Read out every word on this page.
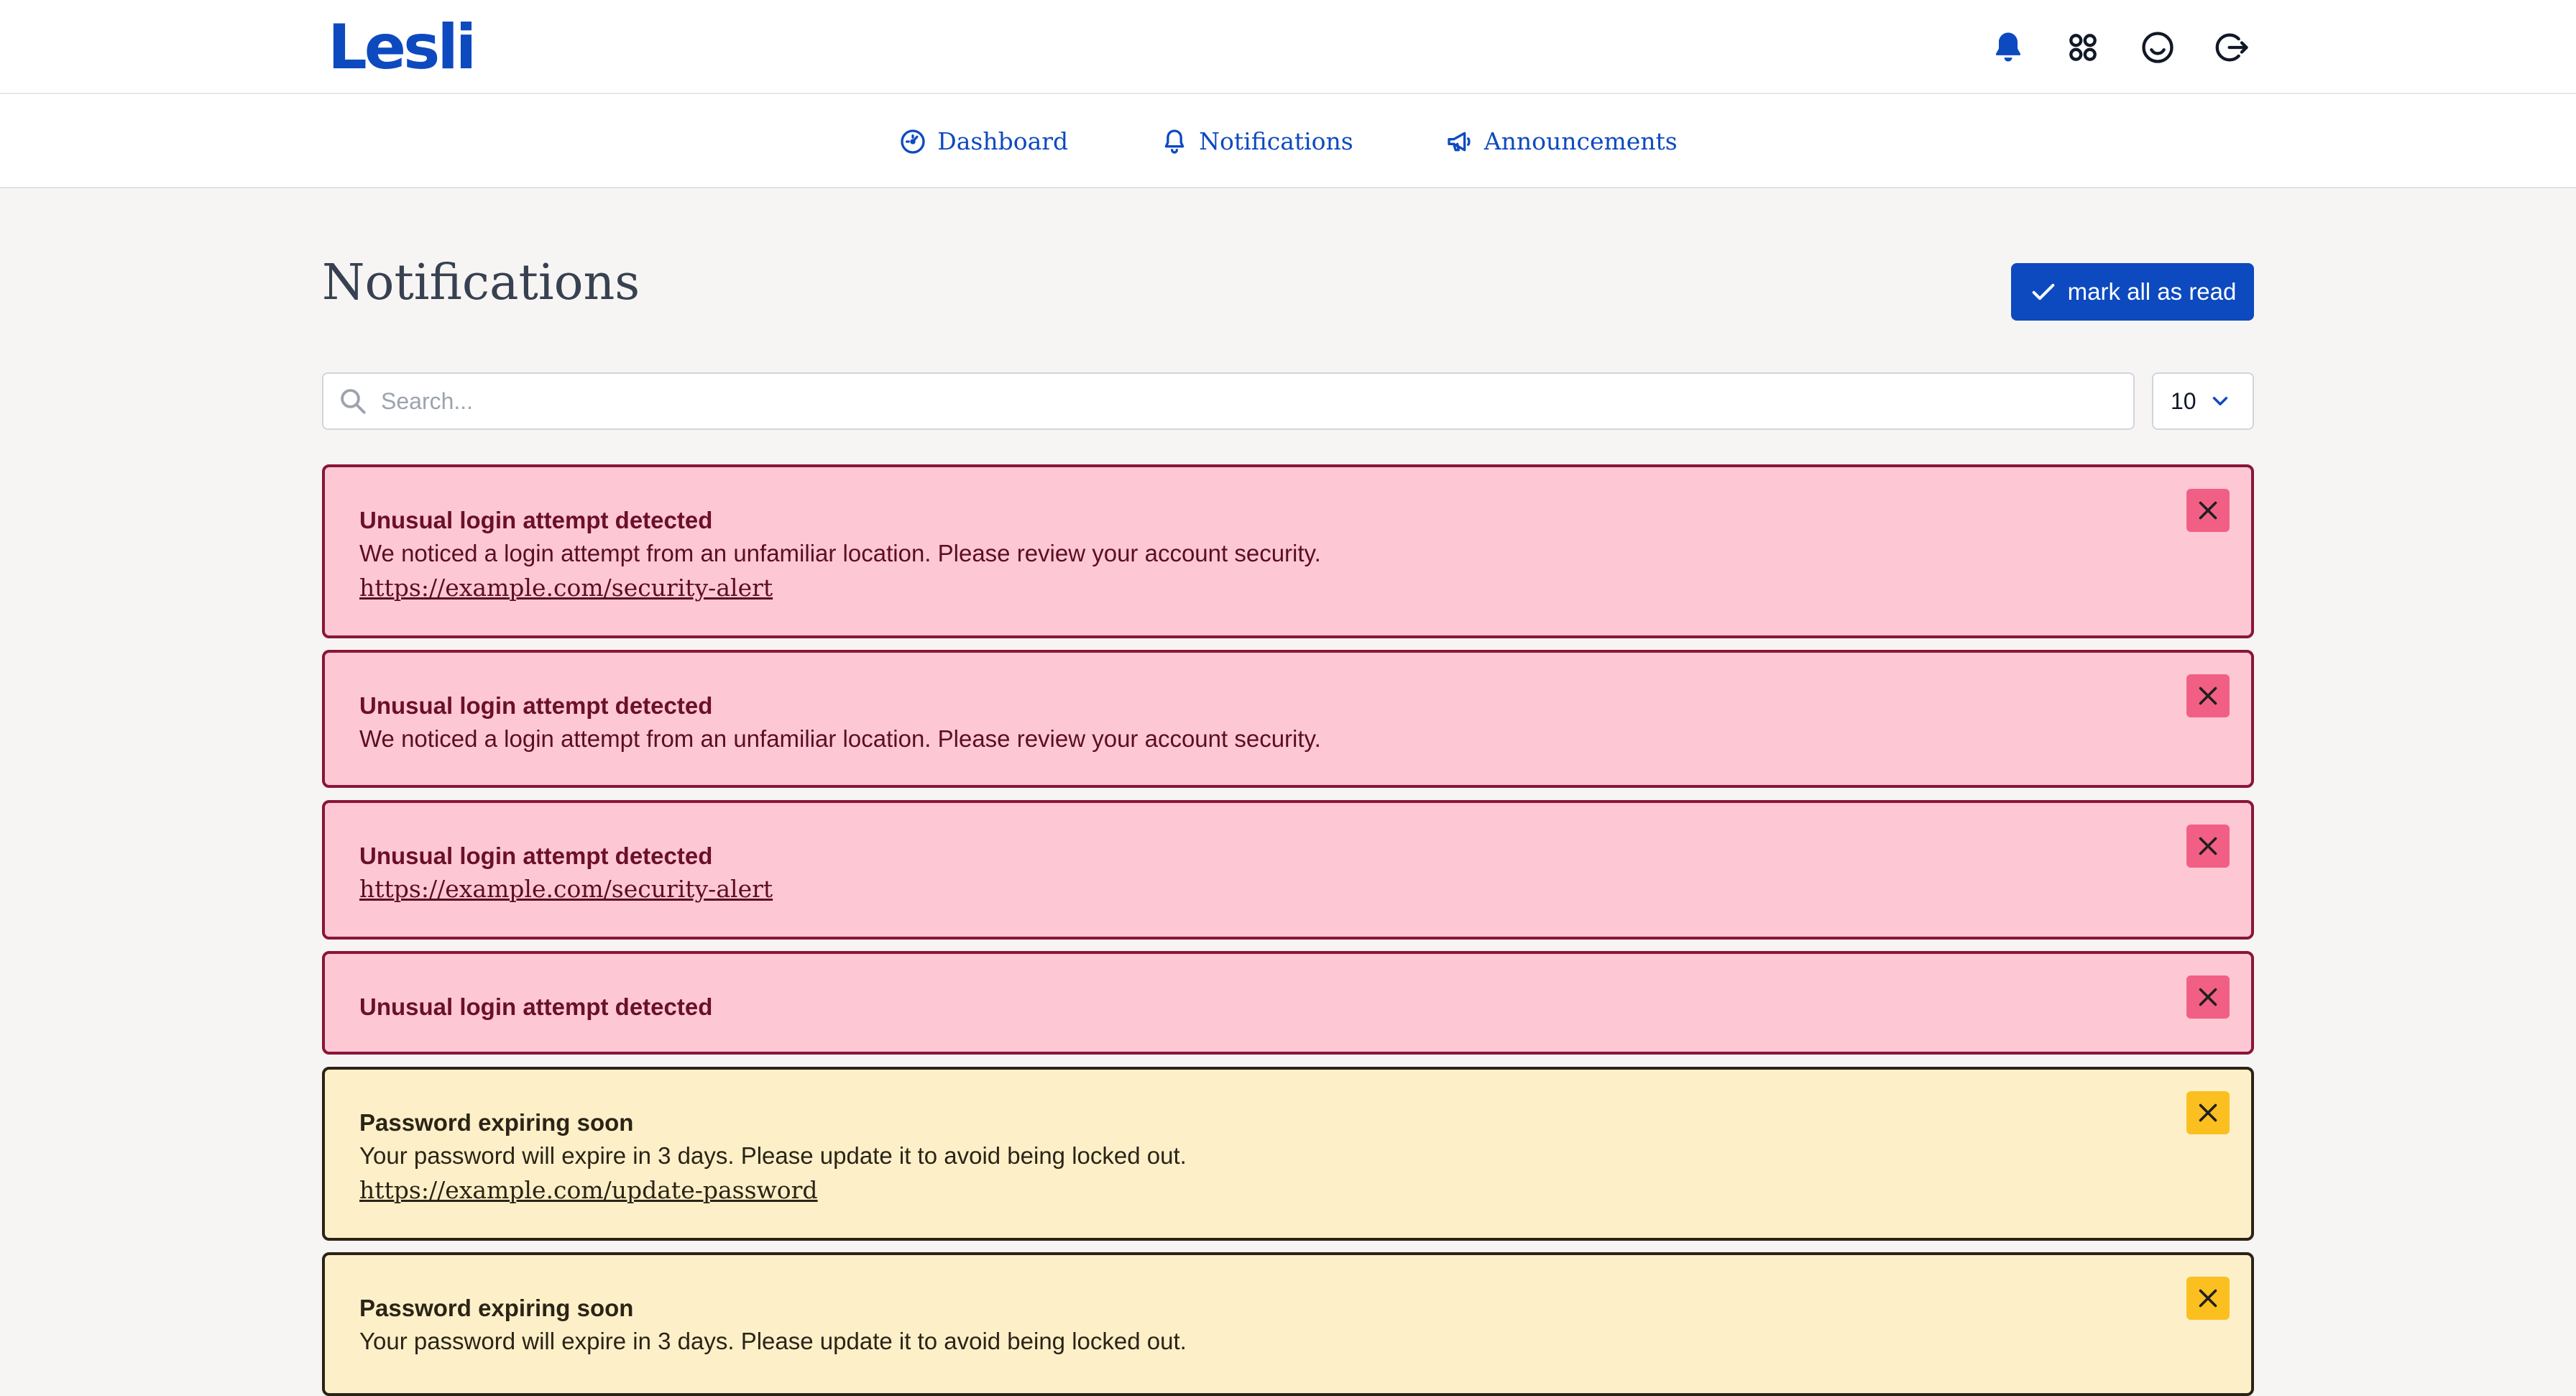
Lesli
Dashboard	Notifications	Announcements
Notifications	mark all as read
Search...
10
Unusual login attempt detected
We noticed a login attempt from an unfamiliar location. Please review your account security.
https://example.com/security-alert
Unusual login attempt detected
We noticed a login attempt from an unfamiliar location. Please review your account security.
Unusual login attempt detected
https://example.com/security-alert
Unusual login attempt detected
Password expiring soon
Your password will expire in 3 days. Please update it to avoid being locked out.
https://example.com/update-password
Password expiring soon
Your password will expire in 3 days. Please update it to avoid being locked out.
